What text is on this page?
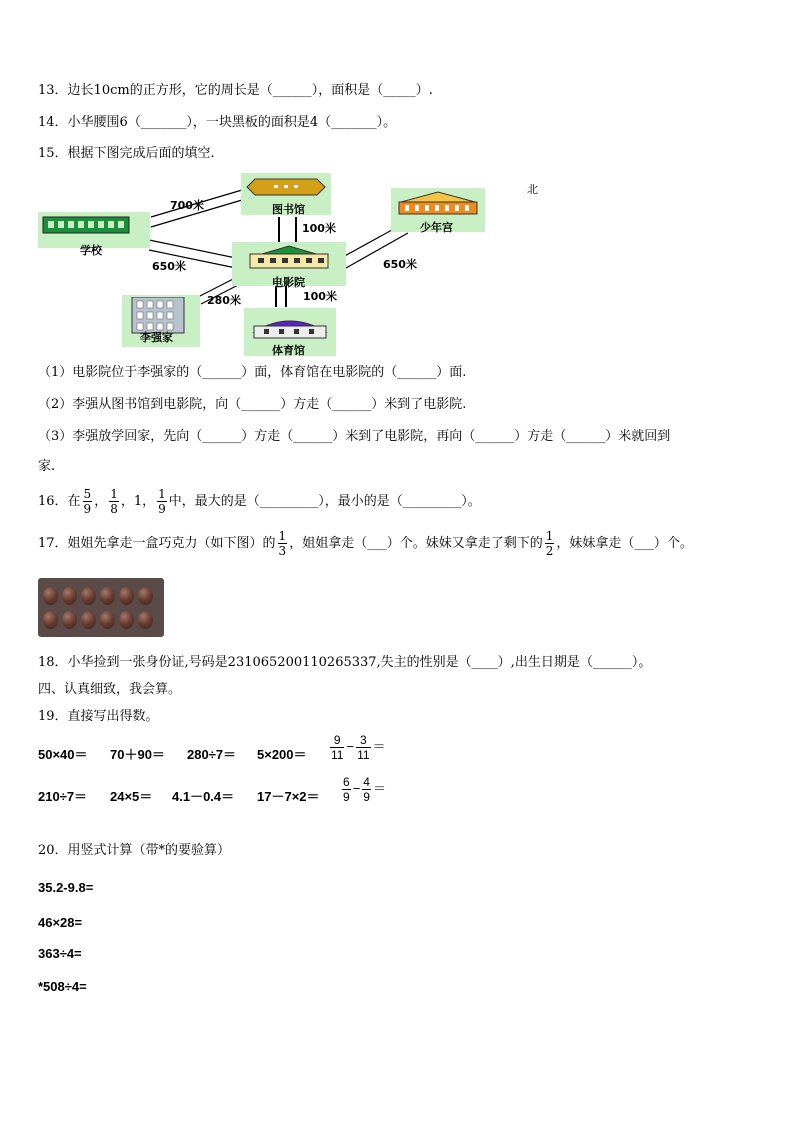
13．边长10cm的正方形，它的周长是（______），面积是（_____）.
14．小华腰围6（_______），一块黑板的面积是4（_______）。
15．根据下图完成后面的填空.
图书馆
学校
少年宫
电影院
李强家
体育馆
700米
100米
650米	650米
280米	100米
北
（1）电影院位于李强家的（______）面，体育馆在电影院的（______）面.
（2）李强从图书馆到电影院，向（______）方走（______）米到了电影院.
（3）李强放学回家，先向（______）方走（______）米到了电影院，再向（______）方走（______）米就回到
家.
16．在 $\frac{5}{9}$ ， $\frac{1}{8}$ ，1， $\frac{1}{9}$ 中，最大的是（_________），最小的是（_________）。
17．姐姐先拿走一盒巧克力（如下图）的 $\frac{1}{3}$ ，姐姐拿走（___）个。妹妹又拿走了剩下的 $\frac{1}{2}$ ，妹妹拿走（___）个。
18．小华捡到一张身份证,号码是231065200110265337,失主的性别是（____）,出生日期是（______）。
四、认真细致，我会算。
19．直接写出得数。
$50\times 40= 70+90= 280\div 7= 5\times 200= \frac{9}{11} - \frac{3}{11}$ ＝
$210\div 7= 24\times 5= 4.1-0.4= 17-7\times 2= \frac{6}{9} - \frac{4}{9}$ ＝
20．用竖式计算（带*的要验算）
35.2-9.8=
46×28=
363÷4=
*508÷4=
